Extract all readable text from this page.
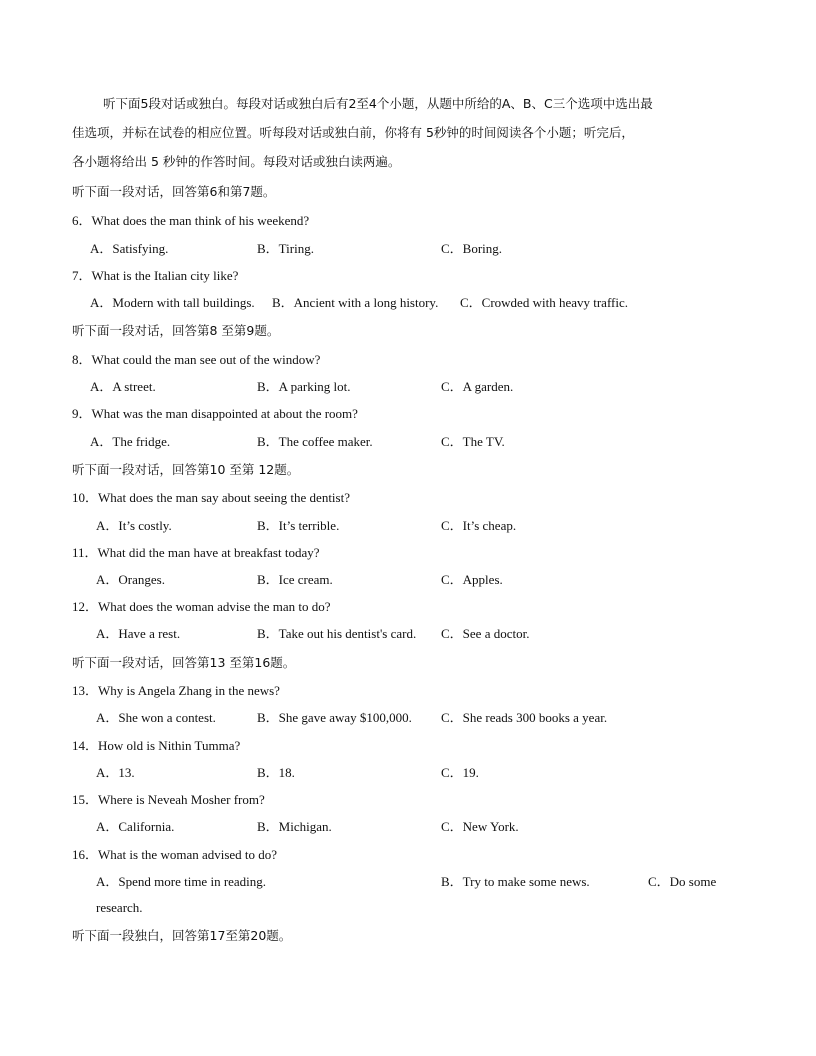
听下面5段对话或独白。每段对话或独白后有2至4个小题，从题中所给的A、B、C三个选项中选出最
佳选项，并标在试卷的相应位置。听每段对话或独白前，你将有 5秒钟的时间阅读各个小题；听完后，
各小题将给出 5 秒钟的作答时间。每段对话或独白读两遍。
听下面一段对话，回答第6和第7题。
6．What does the man think of his weekend?
A．Satisfying.	B．Tiring.	C．Boring.
7．What is the Italian city like?
A．Modern with tall buildings. B．Ancient with a long history. C．Crowded with heavy traffic.
听下面一段对话，回答第8 至第9题。
8．What could the man see out of the window?
A．A street.	B．A parking lot.	C．A garden.
9．What was the man disappointed at about the room?
A．The fridge.	B．The coffee maker.	C．The TV.
听下面一段对话，回答第10 至第 12题。
10．What does the man say about seeing the dentist?
A．It’s costly.	B．It’s terrible.	C．It’s cheap.
11．What did the man have at breakfast today?
A．Oranges.	B．Ice cream.	C．Apples.
12．What does the woman advise the man to do?
A．Have a rest.	B．Take out his dentist's card. C．See a doctor.
听下面一段对话，回答第13 至第16题。
13．Why is Angela Zhang in the news?
A．She won a contest.	B．She gave away $100,000. C．She reads 300 books a year.
14．How old is Nithin Tumma?
A．13.	B．18.	C．19.
15．Where is Neveah Mosher from?
A．California.	B．Michigan.	C．New York.
16．What is the woman advised to do?
A．Spend more time in reading.	B．Try to make some news.	C．Do some
research.
听下面一段独白，回答第17至第20题。
